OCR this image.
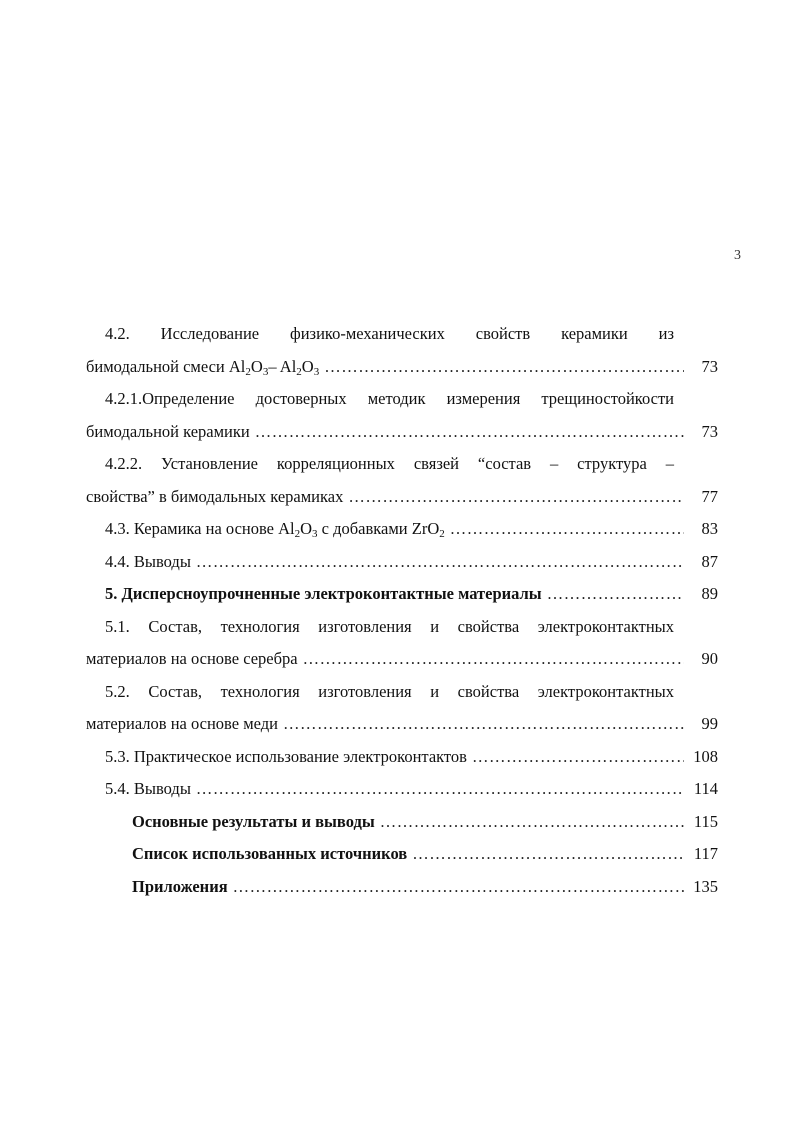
3
4.2. Исследование физико-механических свойств керамики из
бимодальной смеси $Al_2O_3-$ $Al_2O_3$ …………………………………………………………………………………………………………………………………………	73
4.2.1.Определение достоверных методик измерения трещиностойкости
бимодальной керамики …………………………………………………………………………………………………………………………………………	73
4.2.2. Установление корреляционных связей “состав – структура –
свойства” в бимодальных керамиках …………………………………………………………………………………………………………………………………………	77
4.3. Керамика на основе $Al_2O_3$ с добавками ZrO$_2$ …………………………………………………………………………………………………………………………………………	83
4.4. Выводы …………………………………………………………………………………………………………………………………………	87
5. Дисперсноупрочненные электроконтактные материалы …………………………………………………………………………………………………………………………………………	89
5.1. Состав, технология изготовления и свойства электроконтактных
материалов на основе серебра …………………………………………………………………………………………………………………………………………	90
5.2. Состав, технология изготовления и свойства электроконтактных
материалов на основе меди …………………………………………………………………………………………………………………………………………	99
5.3. Практическое использование электроконтактов …………………………………………………………………………………………………………………………………………	108
5.4. Выводы …………………………………………………………………………………………………………………………………………	114
Основные результаты и выводы …………………………………………………………………………………………………………………………………………	115
Список использованных источников …………………………………………………………………………………………………………………………………………	117
Приложения …………………………………………………………………………………………………………………………………………	135
